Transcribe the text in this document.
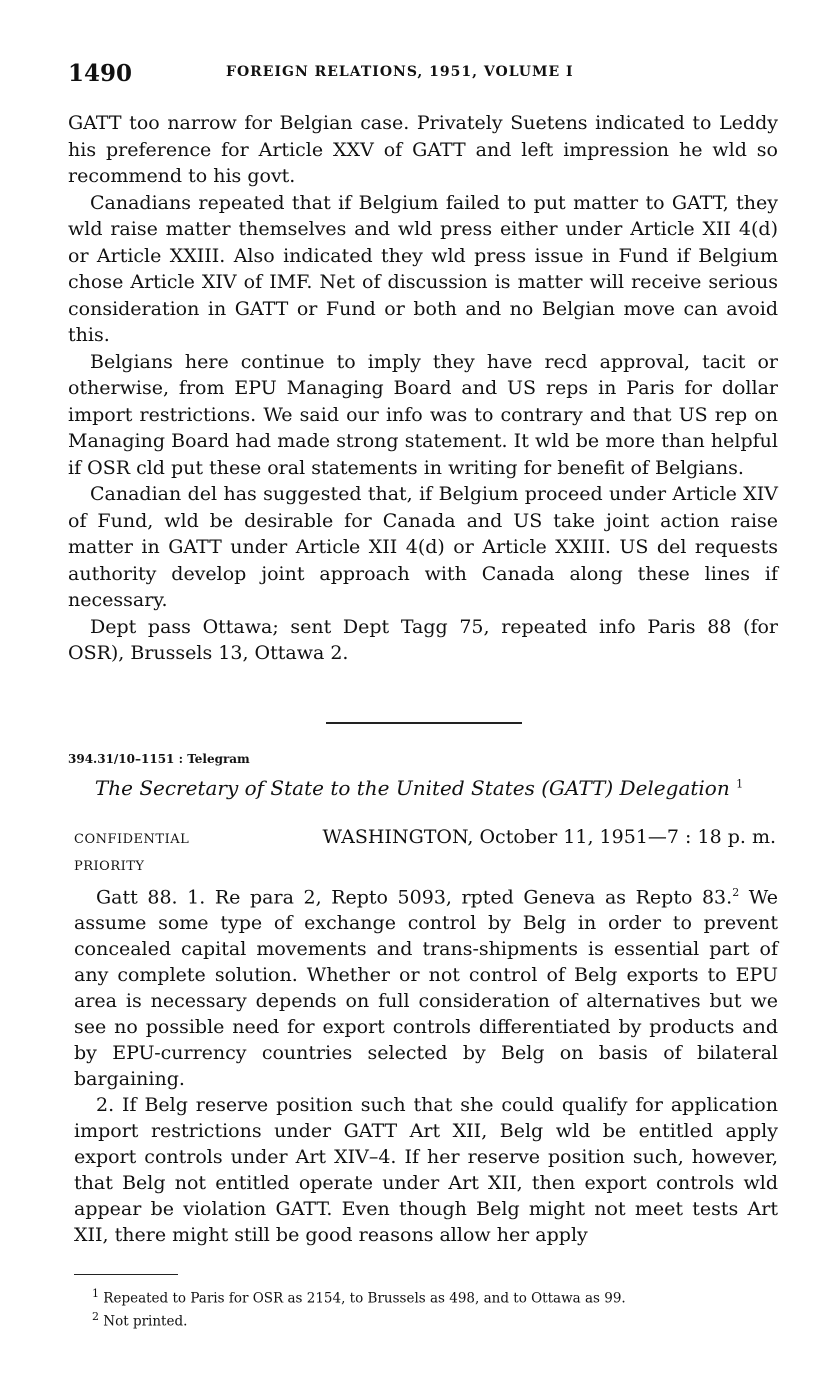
1490	FOREIGN RELATIONS, 1951, VOLUME I

GATT too narrow for Belgian case. Privately Suetens indicated to Leddy his preference for Article XXV of GATT and left impression he wld so recommend to his govt.

Canadians repeated that if Belgium failed to put matter to GATT, they wld raise matter themselves and wld press either under Article XII 4(d) or Article XXIII. Also indicated they wld press issue in Fund if Belgium chose Article XIV of IMF. Net of discussion is matter will receive serious consideration in GATT or Fund or both and no Belgian move can avoid this.

Belgians here continue to imply they have recd approval, tacit or otherwise, from EPU Managing Board and US reps in Paris for dollar import restrictions. We said our info was to contrary and that US rep on Managing Board had made strong statement. It wld be more than helpful if OSR cld put these oral statements in writing for benefit of Belgians.

Canadian del has suggested that, if Belgium proceed under Article XIV of Fund, wld be desirable for Canada and US take joint action raise matter in GATT under Article XII 4(d) or Article XXIII. US del requests authority develop joint approach with Canada along these lines if necessary.

Dept pass Ottawa; sent Dept Tagg 75, repeated info Paris 88 (for OSR), Brussels 13, Ottawa 2.

394.31/10–1151 : Telegram
The Secretary of State to the United States (GATT) Delegation $^1$
CONFIDENTIAL	WASHINGTON, October 11, 1951—7 : 18 p. m.
PRIORITY

Gatt 88. 1. Re para 2, Repto 5093, rpted Geneva as Repto 83.$^2$ We assume some type of exchange control by Belg in order to prevent concealed capital movements and trans-shipments is essential part of any complete solution. Whether or not control of Belg exports to EPU area is necessary depends on full consideration of alternatives but we see no possible need for export controls differentiated by products and by EPU-currency countries selected by Belg on basis of bilateral bargaining.

2. If Belg reserve position such that she could qualify for application import restrictions under GATT Art XII, Belg wld be entitled apply export controls under Art XIV–4. If her reserve position such, however, that Belg not entitled operate under Art XII, then export controls wld appear be violation GATT. Even though Belg might not meet tests Art XII, there might still be good reasons allow her apply

$^1$ Repeated to Paris for OSR as 2154, to Brussels as 498, and to Ottawa as 99.
$^2$ Not printed.
